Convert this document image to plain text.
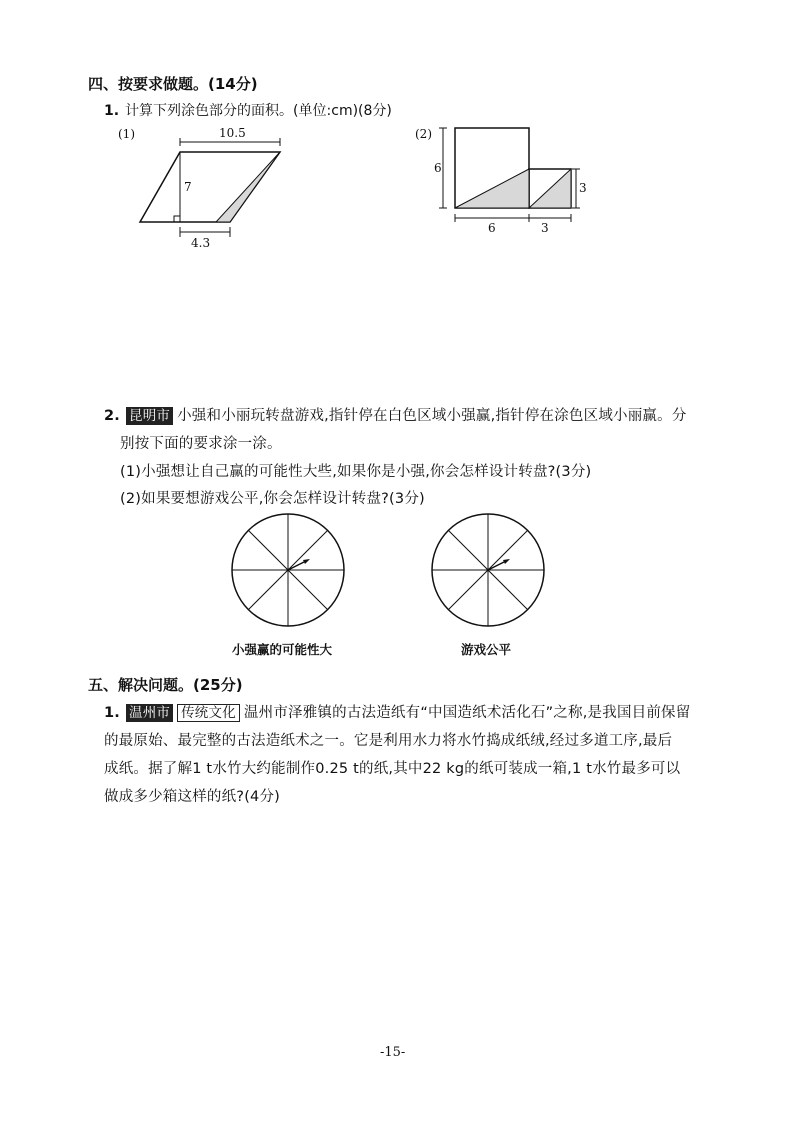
四、按要求做题。(14分)
1. 计算下列涂色部分的面积。(单位:cm)(8分)
(1)	10.5
7
4.3
(2)
6
3
6	3
2. 昆明市 小强和小丽玩转盘游戏,指针停在白色区域小强赢,指针停在涂色区域小丽赢。分
别按下面的要求涂一涂。
(1)小强想让自己赢的可能性大些,如果你是小强,你会怎样设计转盘?(3分)
(2)如果要想游戏公平,你会怎样设计转盘?(3分)
小强赢的可能性大	游戏公平
五、解决问题。(25分)
1. 温州市 传统文化 温州市泽雅镇的古法造纸有“中国造纸术活化石”之称,是我国目前保留
的最原始、最完整的古法造纸术之一。它是利用水力将水竹捣成纸绒,经过多道工序,最后
成纸。据了解1 t水竹大约能制作0.25 t的纸,其中22 kg的纸可装成一箱,1 t水竹最多可以
做成多少箱这样的纸?(4分)
-15-
